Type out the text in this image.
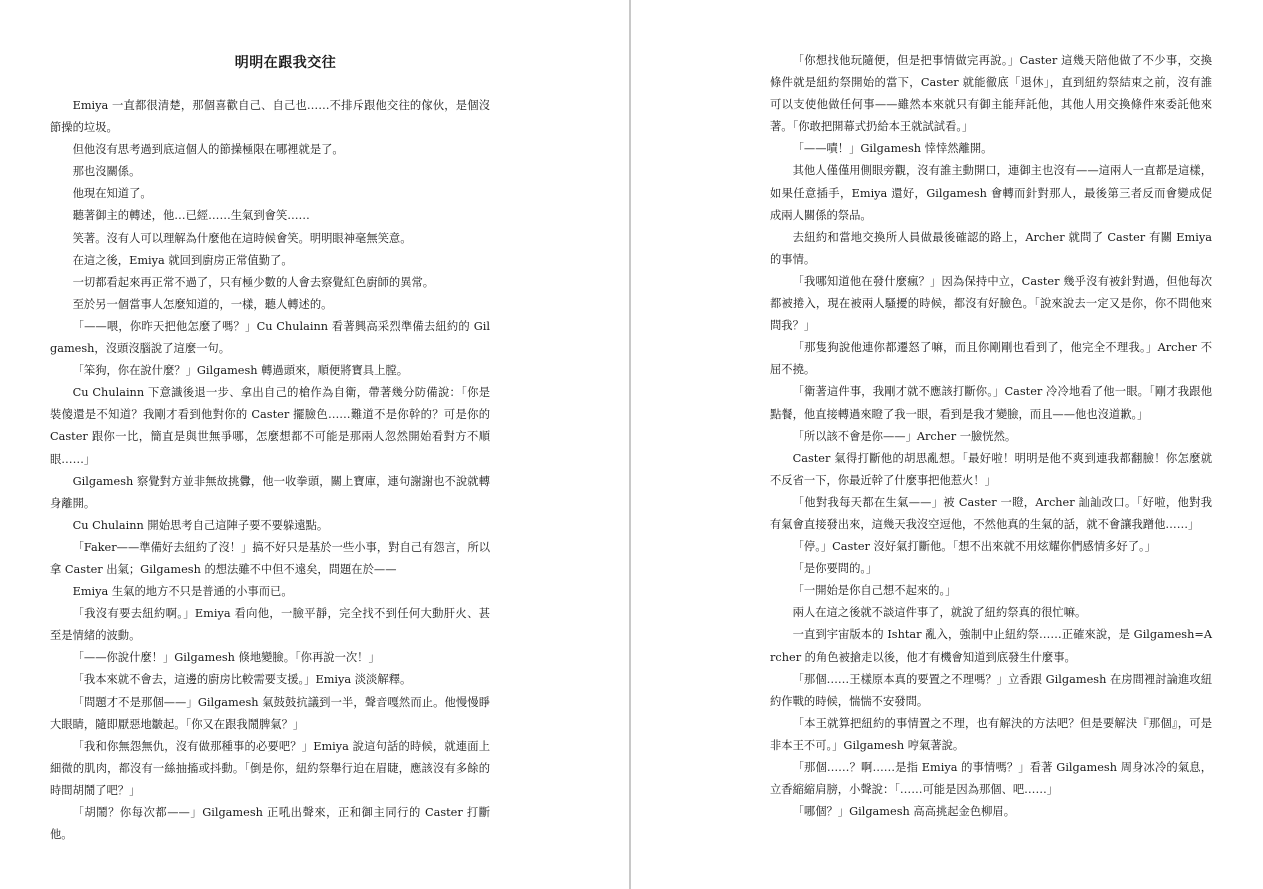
明明在跟我交往

Emiya 一直都很清楚，那個喜歡自己、自己也……不排斥跟他交往的傢伙，是個沒節操的垃圾。

但他沒有思考過到底這個人的節操極限在哪裡就是了。

那也沒關係。

他現在知道了。

聽著御主的轉述，他…已經……生氣到會笑……

笑著。沒有人可以理解為什麼他在這時候會笑。明明眼神毫無笑意。

在這之後，Emiya 就回到廚房正常值勤了。

一切都看起來再正常不過了，只有極少數的人會去察覺紅色廚師的異常。

至於另一個當事人怎麼知道的，一樣，聽人轉述的。

「——喂，你昨天把他怎麼了嗎？」Cu Chulainn 看著興高采烈準備去紐約的 Gilgamesh，沒頭沒腦說了這麼一句。

「笨狗，你在說什麼？」Gilgamesh 轉過頭來，順便將寶具上膛。

Cu Chulainn 下意識後退一步、拿出自己的槍作為自衛，帶著幾分防備說：「你是裝傻還是不知道？我剛才看到他對你的 Caster 擺臉色……難道不是你幹的？可是你的 Caster 跟你一比，簡直是與世無爭哪，怎麼想都不可能是那兩人忽然開始看對方不順眼……」

Gilgamesh 察覺對方並非無故挑釁，他一收拳頭，關上寶庫，連句謝謝也不說就轉身離開。

Cu Chulainn 開始思考自己這陣子要不要躲遠點。

「Faker——準備好去紐約了沒！」搞不好只是基於一些小事，對自己有怨言，所以拿 Caster 出氣；Gilgamesh 的想法雖不中但不遠矣，問題在於——

Emiya 生氣的地方不只是普通的小事而已。

「我沒有要去紐約啊。」Emiya 看向他，一臉平靜，完全找不到任何大動肝火、甚至是情緒的波動。

「——你說什麼！」Gilgamesh 倏地變臉。「你再說一次！」

「我本來就不會去，這邊的廚房比較需要支援。」Emiya 淡淡解釋。

「問題才不是那個——」Gilgamesh 氣鼓鼓抗議到一半，聲音嘎然而止。他慢慢睜大眼睛，隨即厭惡地皺起。「你又在跟我鬧脾氣？」

「我和你無怨無仇，沒有做那種事的必要吧？」Emiya 說這句話的時候，就連面上細微的肌肉，都沒有一絲抽搐或抖動。「倒是你，紐約祭舉行迫在眉睫，應該沒有多餘的時間胡鬧了吧？」

「胡鬧？你每次都——」Gilgamesh 正吼出聲來，正和御主同行的 Caster 打斷他。

「你想找他玩隨便，但是把事情做完再說。」Caster 這幾天陪他做了不少事，交換條件就是紐約祭開始的當下，Caster 就能徹底「退休」，直到紐約祭結束之前，沒有誰可以支使他做任何事——雖然本來就只有御主能拜託他，其他人用交換條件來委託他來著。「你敢把開幕式扔給本王就試試看。」

「——嘖！」Gilgamesh 悻悻然離開。

其他人僅僅用側眼旁觀，沒有誰主動開口，連御主也沒有——這兩人一直都是這樣，如果任意插手，Emiya 還好，Gilgamesh 會轉而針對那人，最後第三者反而會變成促成兩人關係的祭品。

去紐約和當地交換所人員做最後確認的路上，Archer 就問了 Caster 有關 Emiya 的事情。

「我哪知道他在發什麼瘋？」因為保持中立，Caster 幾乎沒有被針對過，但他每次都被捲入，現在被兩人騷擾的時候，都沒有好臉色。「說來說去一定又是你，你不問他來問我？」

「那隻狗說他連你都遷怒了嘛，而且你剛剛也看到了，他完全不理我。」Archer 不屈不撓。

「衛著這件事，我剛才就不應該打斷你。」Caster 冷冷地看了他一眼。「剛才我跟他點餐，他直接轉過來瞪了我一眼，看到是我才變臉，而且——他也沒道歉。」

「所以該不會是你——」Archer 一臉恍然。

Caster 氣得打斷他的胡思亂想。「最好啦！明明是他不爽到連我都翻臉！你怎麼就不反省一下，你最近幹了什麼事把他惹火！」

「他對我每天都在生氣——」被 Caster 一瞪，Archer 訕訕改口。「好啦，他對我有氣會直接發出來，這幾天我沒空逗他，不然他真的生氣的話，就不會讓我蹭他……」

「停。」Caster 沒好氣打斷他。「想不出來就不用炫耀你們感情多好了。」

「是你要問的。」

「一開始是你自己想不起來的。」

兩人在這之後就不談這件事了，就說了紐約祭真的很忙嘛。

一直到宇宙版本的 Ishtar 亂入，強制中止紐約祭……正確來說，是 Gilgamesh=Archer 的角色被搶走以後，他才有機會知道到底發生什麼事。

「那個……王樣原本真的要置之不理嗎？」立香跟 Gilgamesh 在房間裡討論進攻紐約作戰的時候，惴惴不安發問。

「本王就算把紐約的事情置之不理，也有解決的方法吧？但是要解決『那個』，可是非本王不可。」Gilgamesh 哼氣著說。

「那個……？啊……是指 Emiya 的事情嗎？」看著 Gilgamesh 周身冰冷的氣息，立香縮縮肩膀，小聲說：「……可能是因為那個、吧……」

「哪個？」Gilgamesh 高高挑起金色柳眉。
